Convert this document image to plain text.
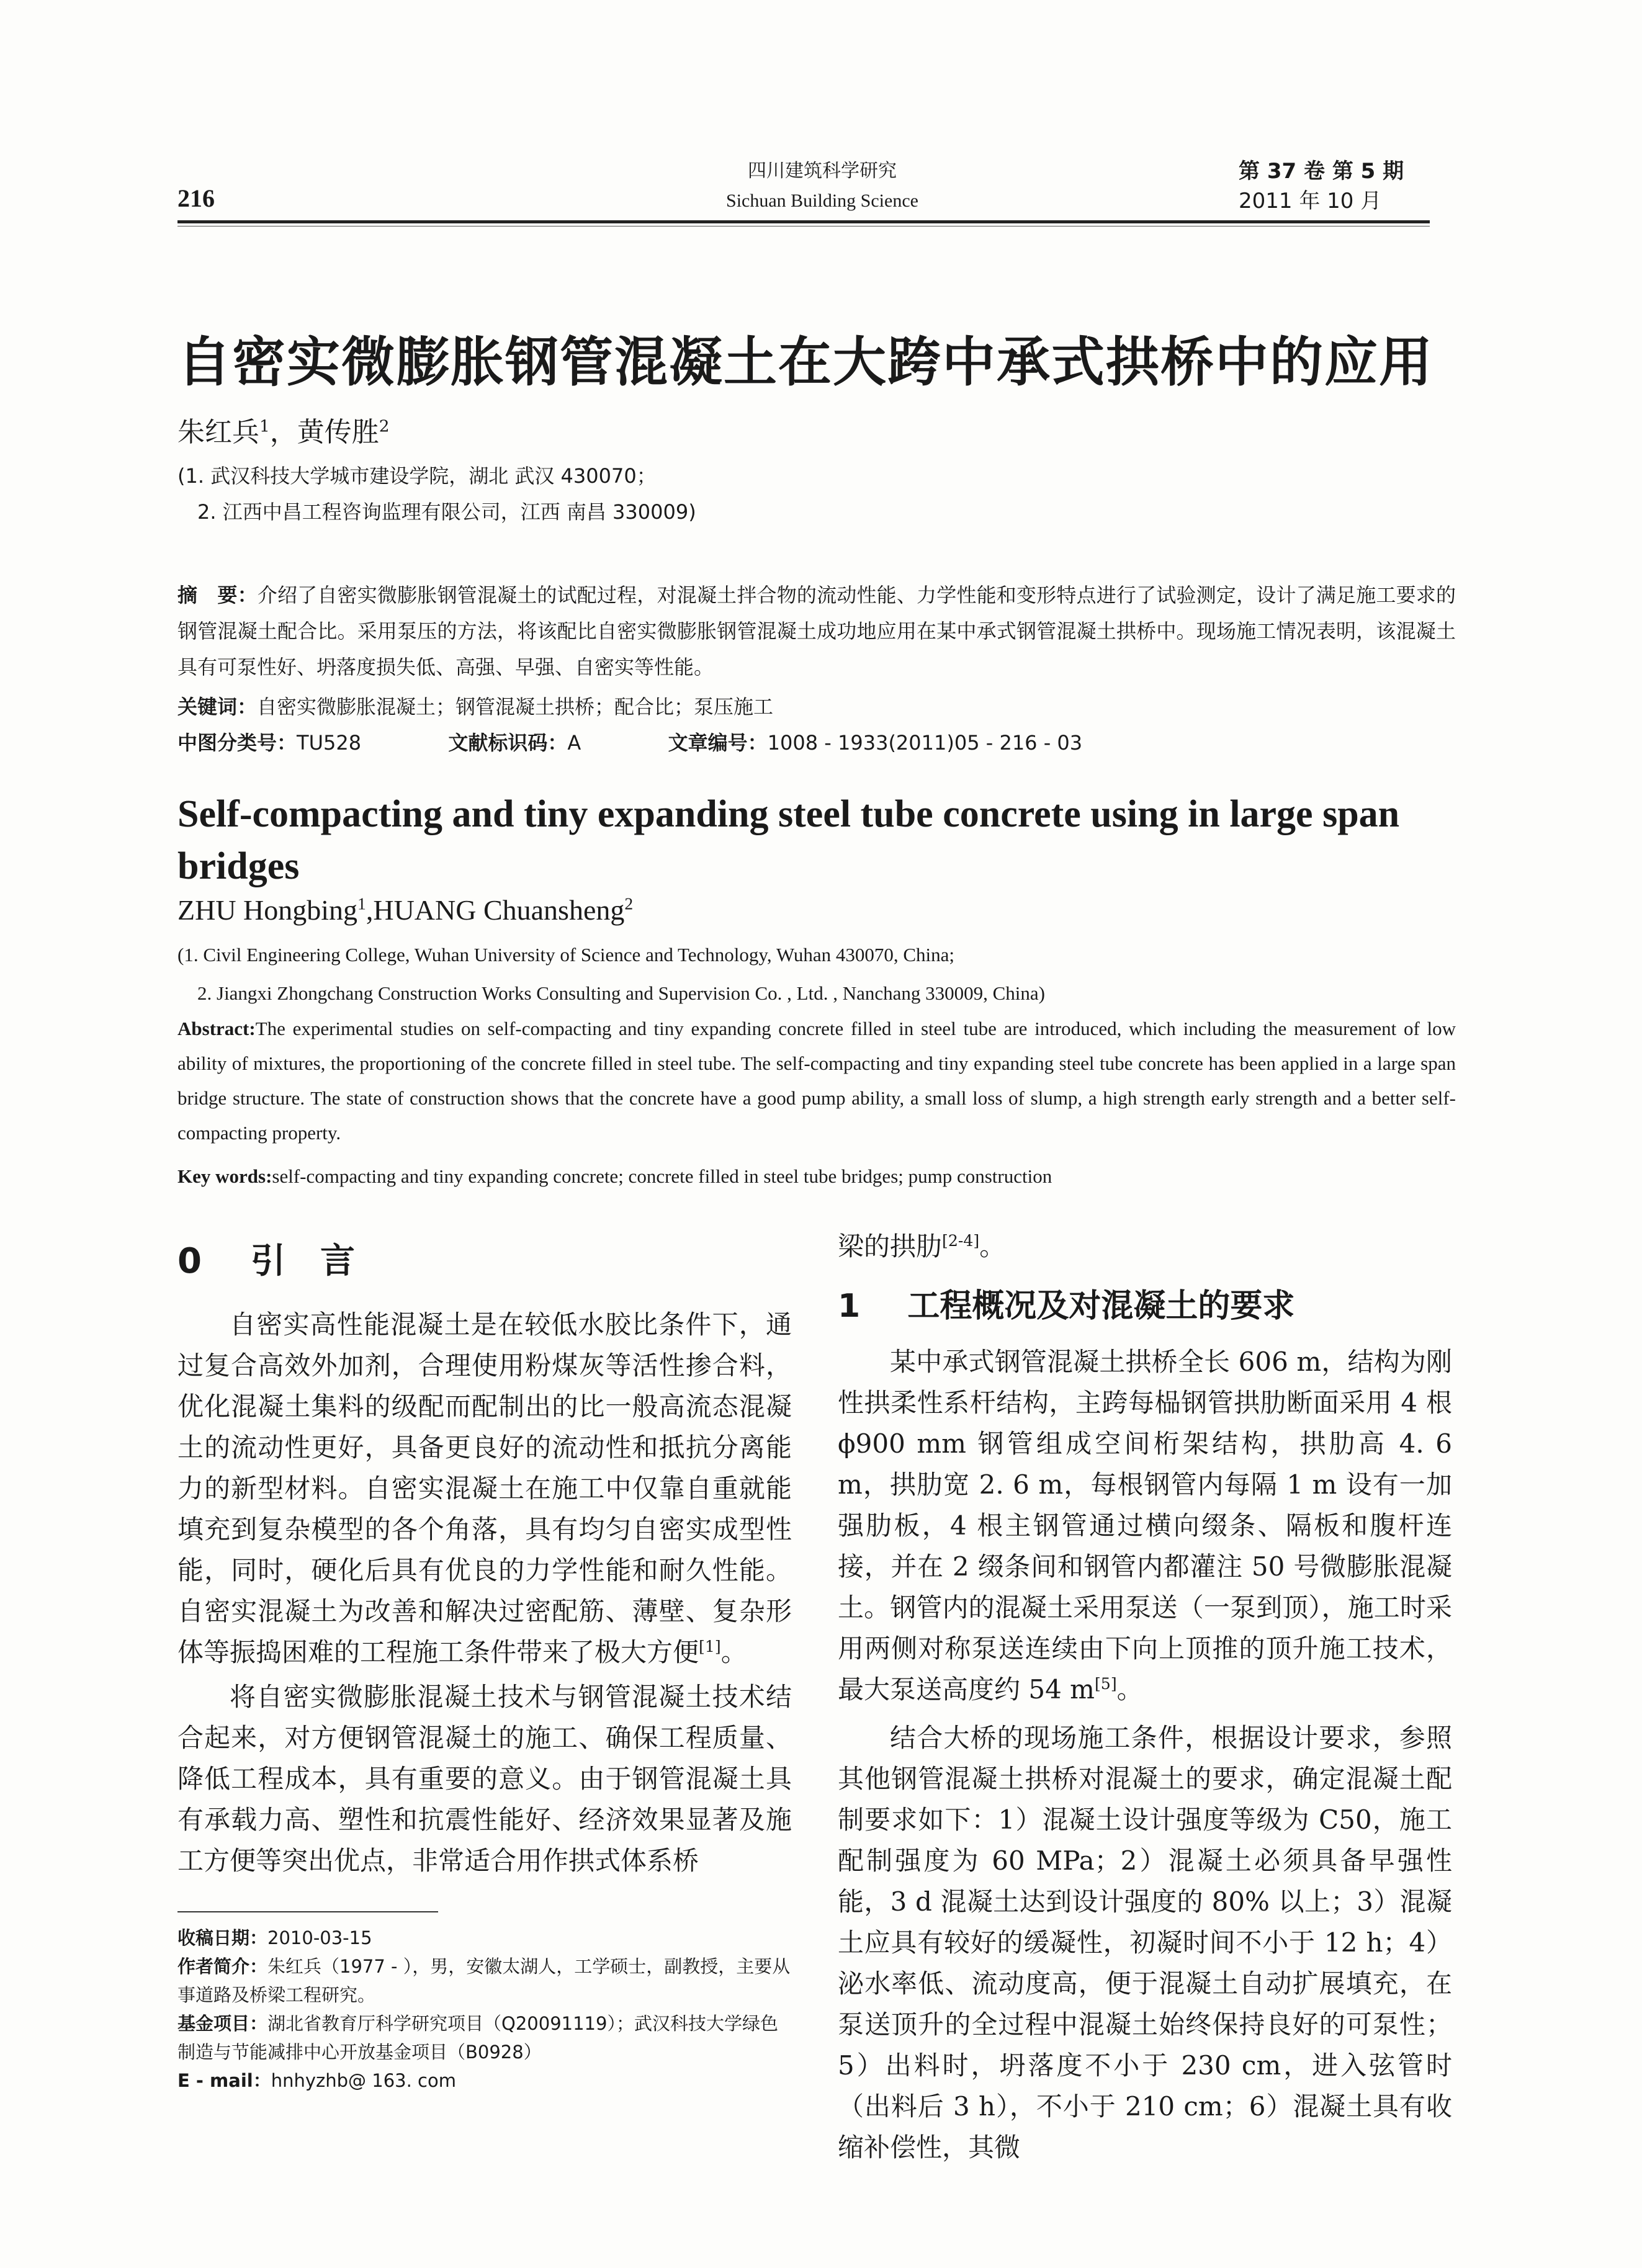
216
四川建筑科学研究
Sichuan Building Science
第 37 卷 第 5 期
2011 年 10 月
自密实微膨胀钢管混凝土在大跨中承式拱桥中的应用
朱红兵$^1$，黄传胜$^2$
(1. 武汉科技大学城市建设学院，湖北 武汉 430070；
2. 江西中昌工程咨询监理有限公司，江西 南昌 330009)
摘　要：介绍了自密实微膨胀钢管混凝土的试配过程，对混凝土拌合物的流动性能、力学性能和变形特点进行了试验测定，设计了满足施工要求的钢管混凝土配合比。采用泵压的方法，将该配比自密实微膨胀钢管混凝土成功地应用在某中承式钢管混凝土拱桥中。现场施工情况表明，该混凝土具有可泵性好、坍落度损失低、高强、早强、自密实等性能。
关键词：自密实微膨胀混凝土；钢管混凝土拱桥；配合比；泵压施工
中图分类号：TU528	文献标识码：A	文章编号：1008 - 1933(2011)05 - 216 - 03
Self-compacting and tiny expanding steel tube concrete using in large span bridges
ZHU Hongbing$^1$,HUANG Chuansheng$^2$
(1. Civil Engineering College, Wuhan University of Science and Technology, Wuhan 430070, China;
2. Jiangxi Zhongchang Construction Works Consulting and Supervision Co. , Ltd. , Nanchang 330009, China)
Abstract:The experimental studies on self-compacting and tiny expanding concrete filled in steel tube are introduced, which including the measurement of low ability of mixtures, the proportioning of the concrete filled in steel tube. The self-compacting and tiny expanding steel tube concrete has been applied in a large span bridge structure. The state of construction shows that the concrete have a good pump ability, a small loss of slump, a high strength early strength and a better self-compacting property.
Key words:self-compacting and tiny expanding concrete; concrete filled in steel tube bridges; pump construction
0 引　言

自密实高性能混凝土是在较低水胶比条件下，通过复合高效外加剂，合理使用粉煤灰等活性掺合料，优化混凝土集料的级配而配制出的比一般高流态混凝土的流动性更好，具备更良好的流动性和抵抗分离能力的新型材料。自密实混凝土在施工中仅靠自重就能填充到复杂模型的各个角落，具有均匀自密实成型性能，同时，硬化后具有优良的力学性能和耐久性能。自密实混凝土为改善和解决过密配筋、薄壁、复杂形体等振捣困难的工程施工条件带来了极大方便[1]。

将自密实微膨胀混凝土技术与钢管混凝土技术结合起来，对方便钢管混凝土的施工、确保工程质量、降低工程成本，具有重要的意义。由于钢管混凝土具有承载力高、塑性和抗震性能好、经济效果显著及施工方便等突出优点，非常适合用作拱式体系桥

收稿日期：2010-03-15
作者简介：朱红兵（1977 - ），男，安徽太湖人，工学硕士，副教授，主要从事道路及桥梁工程研究。
基金项目：湖北省教育厅科学研究项目（Q20091119）；武汉科技大学绿色制造与节能减排中心开放基金项目（B0928）
E - mail：hnhyzhb@ 163. com
梁的拱肋[2-4]。
1 工程概况及对混凝土的要求

某中承式钢管混凝土拱桥全长 606 m，结构为刚性拱柔性系杆结构，主跨每榀钢管拱肋断面采用 4 根 ϕ900 mm 钢管组成空间桁架结构，拱肋高 4. 6 m，拱肋宽 2. 6 m，每根钢管内每隔 1 m 设有一加强肋板，4 根主钢管通过横向缀条、隔板和腹杆连接，并在 2 缀条间和钢管内都灌注 50 号微膨胀混凝土。钢管内的混凝土采用泵送（一泵到顶），施工时采用两侧对称泵送连续由下向上顶推的顶升施工技术，最大泵送高度约 54 m[5]。

结合大桥的现场施工条件，根据设计要求，参照其他钢管混凝土拱桥对混凝土的要求，确定混凝土配制要求如下：1）混凝土设计强度等级为 C50，施工配制强度为 60 MPa；2）混凝土必须具备早强性能，3 d 混凝土达到设计强度的 80% 以上；3）混凝土应具有较好的缓凝性，初凝时间不小于 12 h；4）泌水率低、流动度高，便于混凝土自动扩展填充，在泵送顶升的全过程中混凝土始终保持良好的可泵性；5）出料时，坍落度不小于 230 cm，进入弦管时（出料后 3 h），不小于 210 cm；6）混凝土具有收缩补偿性，其微
